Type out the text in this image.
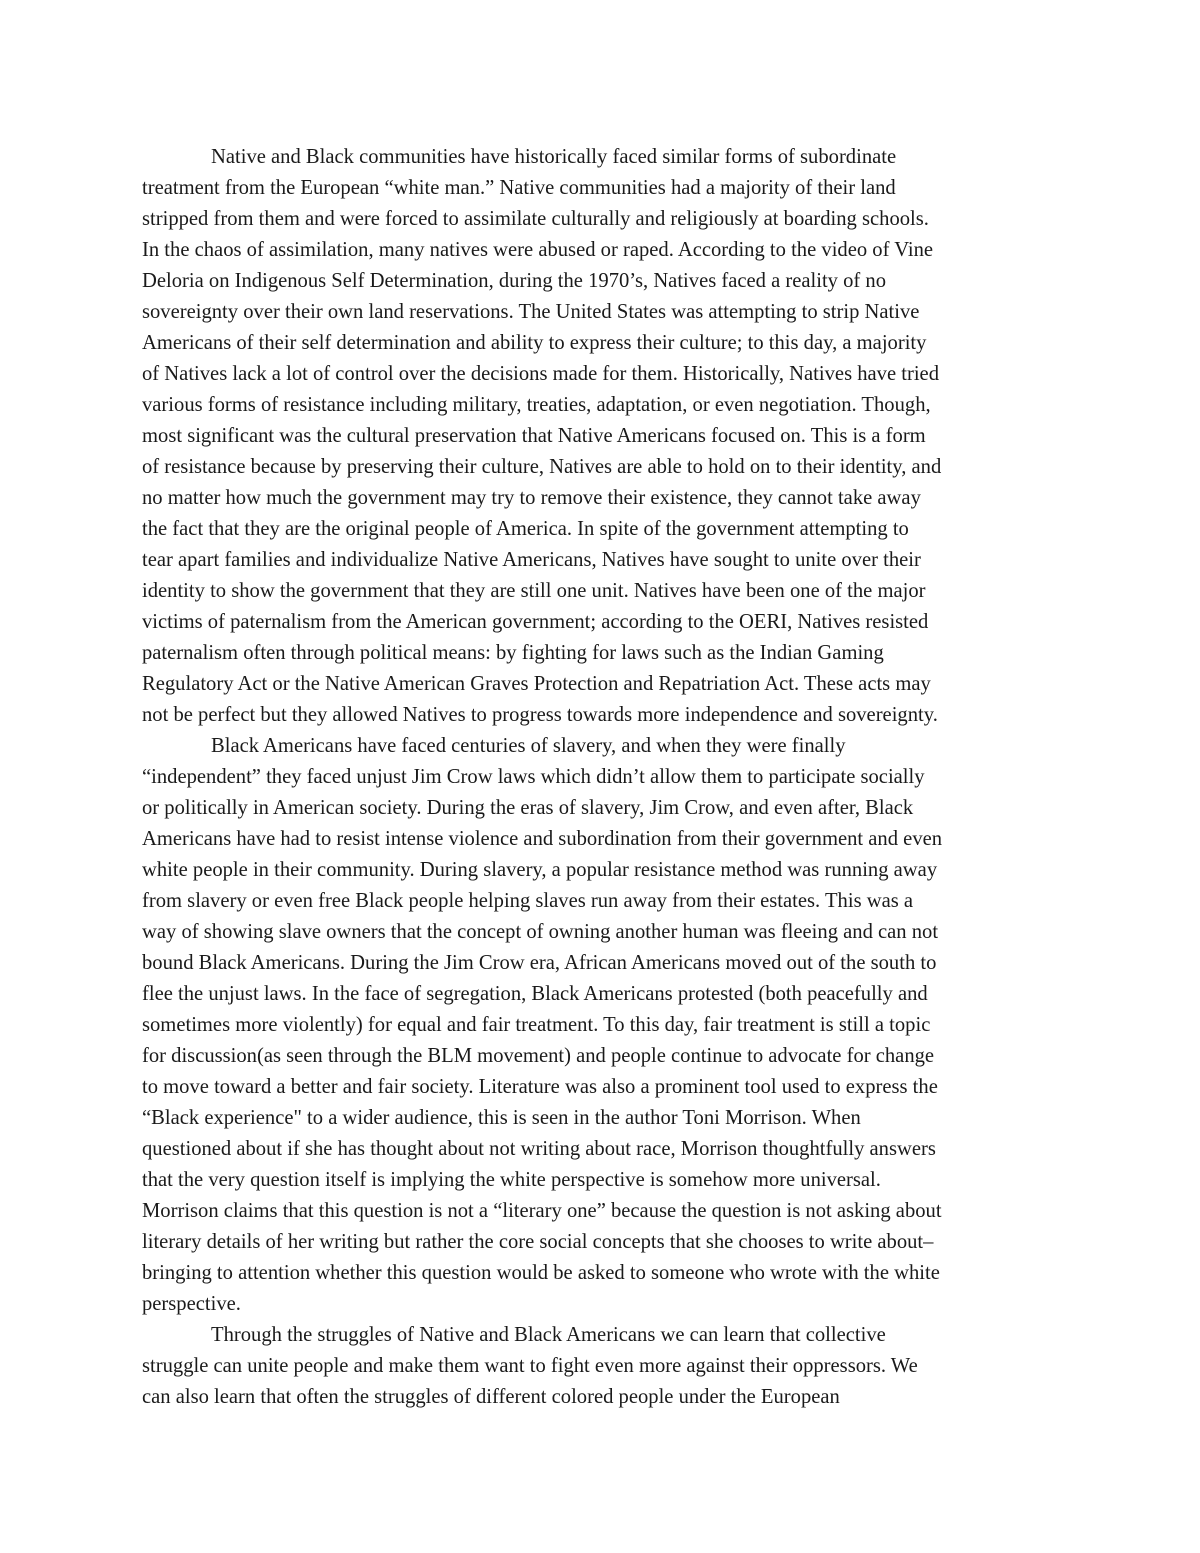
Native and Black communities have historically faced similar forms of subordinate
treatment from the European “white man.” Native communities had a majority of their land
stripped from them and were forced to assimilate culturally and religiously at boarding schools.
In the chaos of assimilation, many natives were abused or raped. According to the video of Vine
Deloria on Indigenous Self Determination, during the 1970’s, Natives faced a reality of no
sovereignty over their own land reservations. The United States was attempting to strip Native
Americans of their self determination and ability to express their culture; to this day, a majority
of Natives lack a lot of control over the decisions made for them. Historically, Natives have tried
various forms of resistance including military, treaties, adaptation, or even negotiation. Though,
most significant was the cultural preservation that Native Americans focused on. This is a form
of resistance because by preserving their culture, Natives are able to hold on to their identity, and
no matter how much the government may try to remove their existence, they cannot take away
the fact that they are the original people of America. In spite of the government attempting to
tear apart families and individualize Native Americans, Natives have sought to unite over their
identity to show the government that they are still one unit. Natives have been one of the major
victims of paternalism from the American government; according to the OERI, Natives resisted
paternalism often through political means: by fighting for laws such as the Indian Gaming
Regulatory Act or the Native American Graves Protection and Repatriation Act. These acts may
not be perfect but they allowed Natives to progress towards more independence and sovereignty.
Black Americans have faced centuries of slavery, and when they were finally
“independent” they faced unjust Jim Crow laws which didn’t allow them to participate socially
or politically in American society. During the eras of slavery, Jim Crow, and even after, Black
Americans have had to resist intense violence and subordination from their government and even
white people in their community. During slavery, a popular resistance method was running away
from slavery or even free Black people helping slaves run away from their estates. This was a
way of showing slave owners that the concept of owning another human was fleeing and can not
bound Black Americans. During the Jim Crow era, African Americans moved out of the south to
flee the unjust laws. In the face of segregation, Black Americans protested (both peacefully and
sometimes more violently) for equal and fair treatment. To this day, fair treatment is still a topic
for discussion(as seen through the BLM movement) and people continue to advocate for change
to move toward a better and fair society. Literature was also a prominent tool used to express the
“Black experience" to a wider audience, this is seen in the author Toni Morrison. When
questioned about if she has thought about not writing about race, Morrison thoughtfully answers
that the very question itself is implying the white perspective is somehow more universal.
Morrison claims that this question is not a “literary one” because the question is not asking about
literary details of her writing but rather the core social concepts that she chooses to write about–
bringing to attention whether this question would be asked to someone who wrote with the white
perspective.
Through the struggles of Native and Black Americans we can learn that collective
struggle can unite people and make them want to fight even more against their oppressors. We
can also learn that often the struggles of different colored people under the European
